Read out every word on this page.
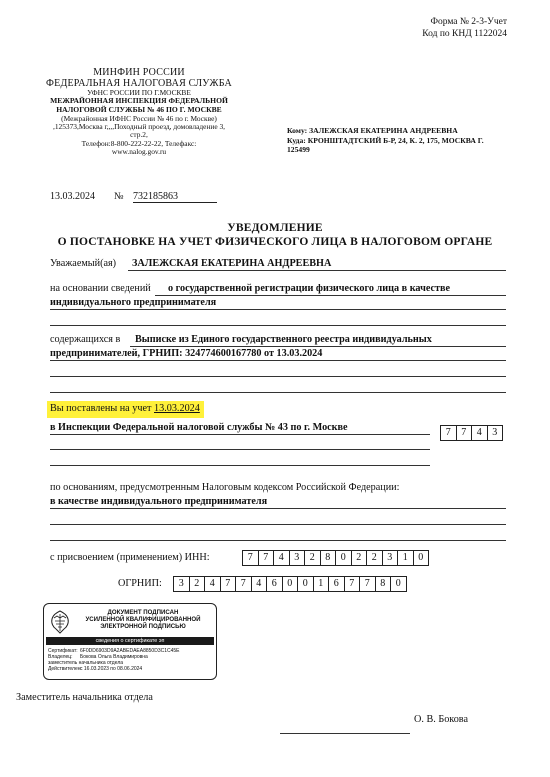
Форма № 2-3-Учет
Код по КНД 1122024
МИНФИН РОССИИ
ФЕДЕРАЛЬНАЯ НАЛОГОВАЯ СЛУЖБА
УФНС РОССИИ ПО Г.МОСКВЕ
МЕЖРАЙОННАЯ ИНСПЕКЦИЯ ФЕДЕРАЛЬНОЙ
НАЛОГОВОЙ СЛУЖБЫ № 46 ПО Г. МОСКВЕ
(Межрайонная ИФНС России № 46 по г. Москве)
,125373,Москва г,,,,Походный проезд, домовладение 3,
стр.2,
Телефон:8-800-222-22-22, Телефакс:
www.nalog.gov.ru
Кому: ЗАЛЕЖСКАЯ ЕКАТЕРИНА АНДРЕЕВНА
Куда: КРОНШТАДТСКИЙ Б-Р, 24, К. 2, 175, МОСКВА Г.
125499
13.03.2024 № 732185863
УВЕДОМЛЕНИЕ
О ПОСТАНОВКЕ НА УЧЕТ ФИЗИЧЕСКОГО ЛИЦА В НАЛОГОВОМ ОРГАНЕ
Уважаемый(ая) ЗАЛЕЖСКАЯ ЕКАТЕРИНА АНДРЕЕВНА
на основании сведений о государственной регистрации физического лица в качестве
индивидуального предпринимателя
содержащихся в Выписке из Единого государственного реестра индивидуальных
предпринимателей, ГРНИП: 324774600167780 от 13.03.2024
Вы поставлены на учет 13.03.2024
в Инспекции Федеральной налоговой службы № 43 по г. Москве	7	7	4	3
по основаниям, предусмотренным Налоговым кодексом Российской Федерации:
в качестве индивидуального предпринимателя
с присвоением (применением) ИНН:	7	7	4	3	2	8	0	2	2	3	1	0
ОГРНИП:	3	2	4	7	7	4	6	0	0	1	6	7	7	8	0
ДОКУМЕНТ ПОДПИСАН
УСИЛЕННОЙ КВАЛИФИЦИРОВАННОЙ
ЭЛЕКТРОННОЙ ПОДПИСЬЮ
сведения о сертификате эп
Сертификат: 6F0DD6903D9A2ABEDAEA8850D3C1C45E
Владелец: Бокова Ольга Владимировна
заместитель начальника отдела
Действителен:с 16.03.2023 по 08.06.2024
Заместитель начальника отдела
О. В. Бокова
